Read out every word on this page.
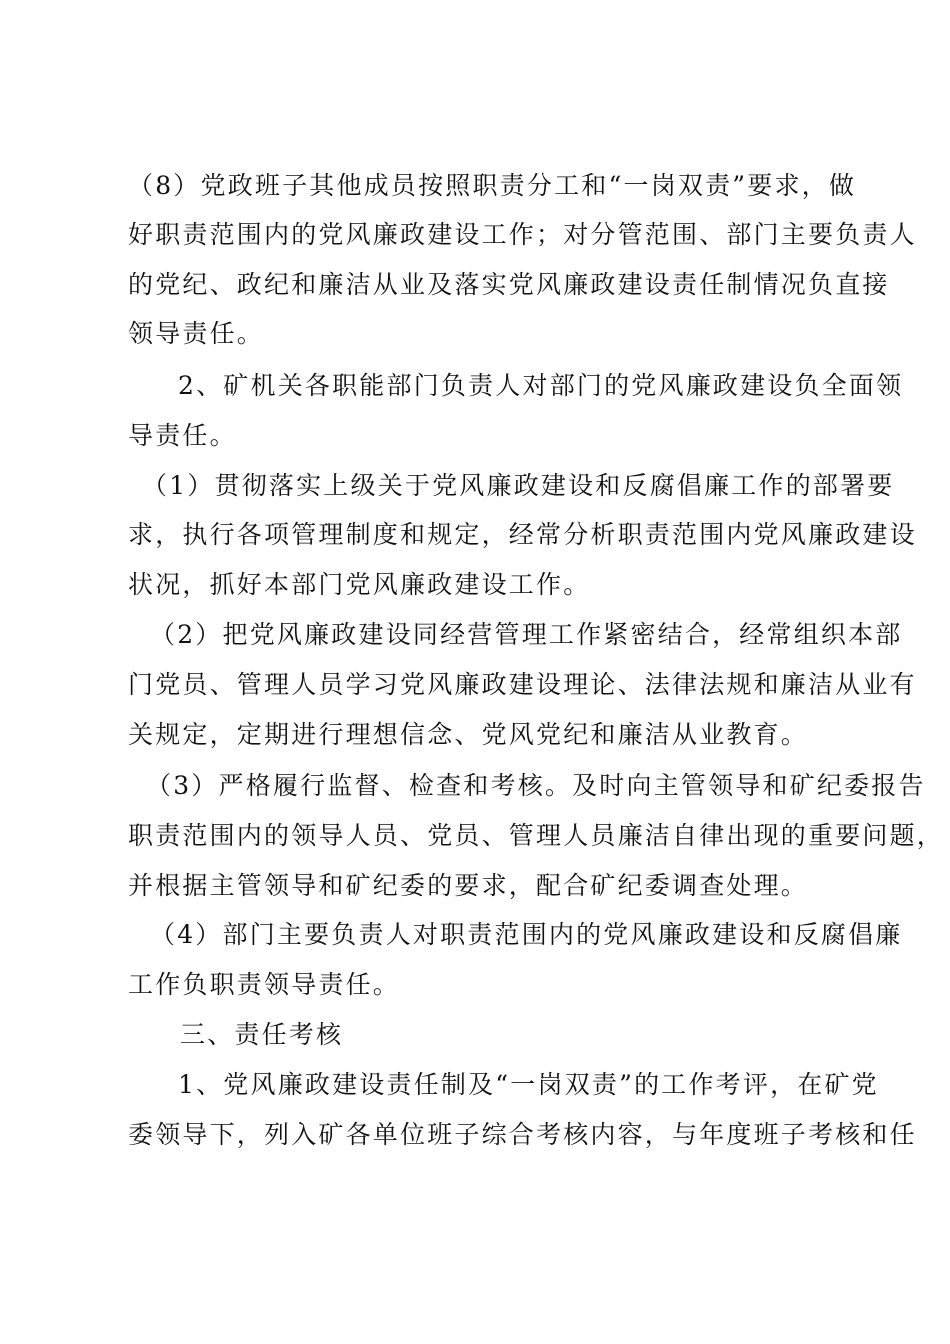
（8）党政班子其他成员按照职责分工和“一岗双责”要求，做
好职责范围内的党风廉政建设工作；对分管范围、部门主要负责人
的党纪、政纪和廉洁从业及落实党风廉政建设责任制情况负直接
领导责任。
2、矿机关各职能部门负责人对部门的党风廉政建设负全面领
导责任。
（1）贯彻落实上级关于党风廉政建设和反腐倡廉工作的部署要
求，执行各项管理制度和规定，经常分析职责范围内党风廉政建设
状况，抓好本部门党风廉政建设工作。
（2）把党风廉政建设同经营管理工作紧密结合，经常组织本部
门党员、管理人员学习党风廉政建设理论、法律法规和廉洁从业有
关规定，定期进行理想信念、党风党纪和廉洁从业教育。
（3）严格履行监督、检查和考核。及时向主管领导和矿纪委报告
职责范围内的领导人员、党员、管理人员廉洁自律出现的重要问题，
并根据主管领导和矿纪委的要求，配合矿纪委调查处理。
（4）部门主要负责人对职责范围内的党风廉政建设和反腐倡廉
工作负职责领导责任。
三、责任考核
1、党风廉政建设责任制及“一岗双责”的工作考评，在矿党
委领导下，列入矿各单位班子综合考核内容，与年度班子考核和任
